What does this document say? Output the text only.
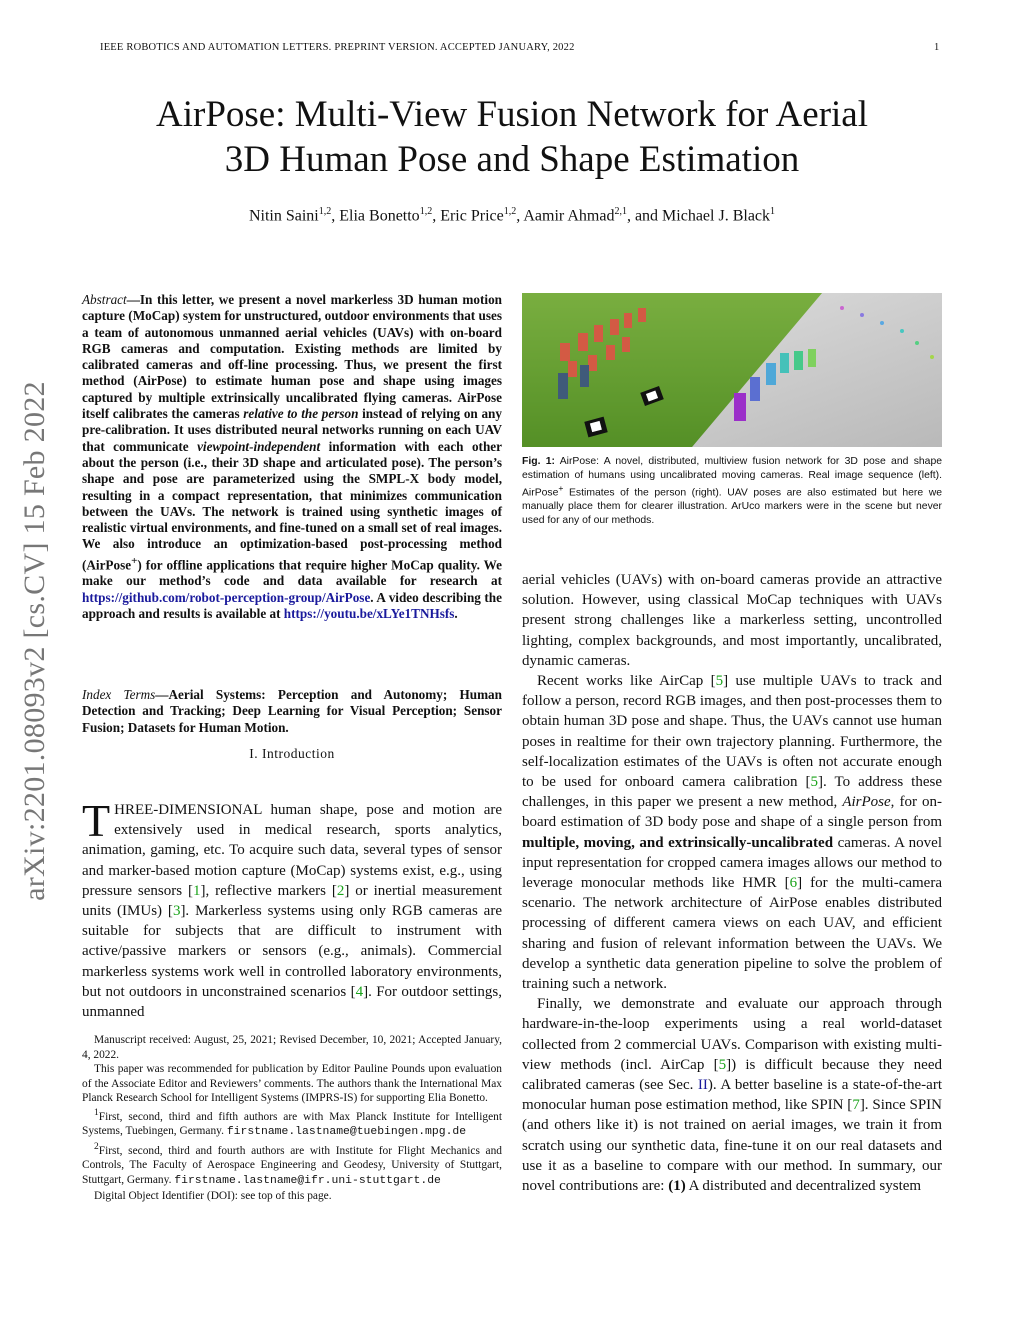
IEEE ROBOTICS AND AUTOMATION LETTERS. PREPRINT VERSION. ACCEPTED JANUARY, 2022	1
AirPose: Multi-View Fusion Network for Aerial
3D Human Pose and Shape Estimation
Nitin Saini$^{1,2}$, Elia Bonetto$^{1,2}$, Eric Price$^{1,2}$, Aamir Ahmad$^{2,1}$, and Michael J. Black$^1$
arXiv:2201.08093v2 [cs.CV] 15 Feb 2022
Abstract—In this letter, we present a novel markerless 3D human motion capture (MoCap) system for unstructured, outdoor environments that uses a team of autonomous unmanned aerial vehicles (UAVs) with on-board RGB cameras and computation. Existing methods are limited by calibrated cameras and off-line processing. Thus, we present the first method (AirPose) to estimate human pose and shape using images captured by multiple extrinsically uncalibrated flying cameras. AirPose itself calibrates the cameras relative to the person instead of relying on any pre-calibration. It uses distributed neural networks running on each UAV that communicate viewpoint-independent information with each other about the person (i.e., their 3D shape and articulated pose). The person’s shape and pose are parameterized using the SMPL-X body model, resulting in a compact representation, that minimizes communication between the UAVs. The network is trained using synthetic images of realistic virtual environments, and fine-tuned on a small set of real images. We also introduce an optimization-based post-processing method (AirPose+) for offline applications that require higher MoCap quality. We make our method’s code and data available for research at https://github.com/robot-perception-group/AirPose. A video describing the approach and results is available at https://youtu.be/xLYe1TNHsfs.
Index Terms—Aerial Systems: Perception and Autonomy; Human Detection and Tracking; Deep Learning for Visual Perception; Sensor Fusion; Datasets for Human Motion.
I. Introduction
THREE-DIMENSIONAL human shape, pose and motion are extensively used in medical research, sports analytics, animation, gaming, etc. To acquire such data, several types of sensor and marker-based motion capture (MoCap) systems exist, e.g., using pressure sensors [1], reflective markers [2] or inertial measurement units (IMUs) [3]. Markerless systems using only RGB cameras are suitable for subjects that are difficult to instrument with active/passive markers or sensors (e.g., animals). Commercial markerless systems work well in controlled laboratory environments, but not outdoors in unconstrained scenarios [4]. For outdoor settings, unmanned

Manuscript received: August, 25, 2021; Revised December, 10, 2021; Accepted January, 4, 2022.

This paper was recommended for publication by Editor Pauline Pounds upon evaluation of the Associate Editor and Reviewers’ comments. The authors thank the International Max Planck Research School for Intelligent Systems (IMPRS-IS) for supporting Elia Bonetto.

$^1$First, second, third and fifth authors are with Max Planck Institute for Intelligent Systems, Tuebingen, Germany. firstname.lastname@tuebingen.mpg.de

$^2$First, second, third and fourth authors are with Institute for Flight Mechanics and Controls, The Faculty of Aerospace Engineering and Geodesy, University of Stuttgart, Stuttgart, Germany. firstname.lastname@ifr.uni-stuttgart.de

Digital Object Identifier (DOI): see top of this page.

Fig. 1: AirPose: A novel, distributed, multiview fusion network for 3D pose and shape estimation of humans using uncalibrated moving cameras. Real image sequence (left). AirPose+ Estimates of the person (right). UAV poses are also estimated but here we manually place them for clearer illustration. ArUco markers were in the scene but never used for any of our methods.

aerial vehicles (UAVs) with on-board cameras provide an attractive solution. However, using classical MoCap techniques with UAVs present strong challenges like a markerless setting, uncontrolled lighting, complex backgrounds, and most importantly, uncalibrated, dynamic cameras.

Recent works like AirCap [5] use multiple UAVs to track and follow a person, record RGB images, and then post-processes them to obtain human 3D pose and shape. Thus, the UAVs cannot use human poses in realtime for their own trajectory planning. Furthermore, the self-localization estimates of the UAVs is often not accurate enough to be used for onboard camera calibration [5]. To address these challenges, in this paper we present a new method, AirPose, for on-board estimation of 3D body pose and shape of a single person from multiple, moving, and extrinsically-uncalibrated cameras. A novel input representation for cropped camera images allows our method to leverage monocular methods like HMR [6] for the multi-camera scenario. The network architecture of AirPose enables distributed processing of different camera views on each UAV, and efficient sharing and fusion of relevant information between the UAVs. We develop a synthetic data generation pipeline to solve the problem of training such a network.

Finally, we demonstrate and evaluate our approach through hardware-in-the-loop experiments using a real world-dataset collected from 2 commercial UAVs. Comparison with existing multi-view methods (incl. AirCap [5]) is difficult because they need calibrated cameras (see Sec. II). A better baseline is a state-of-the-art monocular human pose estimation method, like SPIN [7]. Since SPIN (and others like it) is not trained on aerial images, we train it from scratch using our synthetic data, fine-tune it on our real datasets and use it as a baseline to compare with our method. In summary, our novel contributions are: (1) A distributed and decentralized system
